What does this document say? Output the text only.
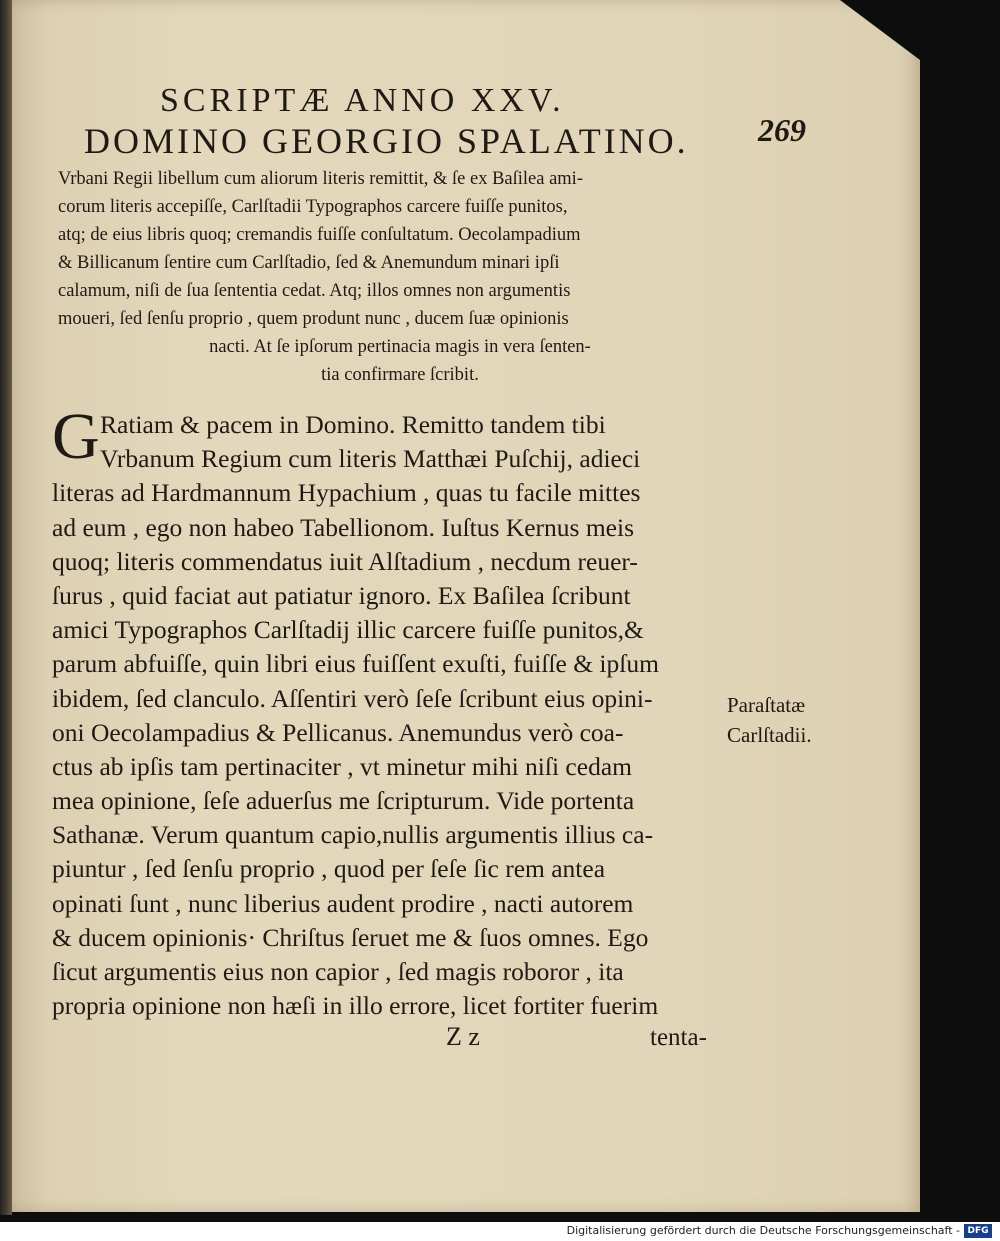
SCRIPTÆ ANNO XXV.
DOMINO GEORGIO SPALATINO.	269
Vrbani Regii libellum cum aliorum literis remittit, & ſe ex Baſilea ami-
corum literis accepiſſe, Carlſtadii Typographos carcere fuiſſe punitos,
atq; de eius libris quoq; cremandis fuiſſe conſultatum. Oecolampadium
& Billicanum ſentire cum Carlſtadio, ſed & Anemundum minari ipſi
calamum, niſi de ſua ſententia cedat. Atq; illos omnes non argumentis
moueri, ſed ſenſu proprio , quem produnt nunc , ducem ſuæ opinionis
nacti. At ſe ipſorum pertinacia magis in vera ſenten-
tia confirmare ſcribit.
G Ratiam & pacem in Domino. Remitto tandem tibi
Vrbanum Regium cum literis Matthæi Puſchij, adieci
literas ad Hardmannum Hypachium , quas tu facile mittes
ad eum , ego non habeo Tabellionom. Iuſtus Kernus meis
quoq; literis commendatus iuit Alſtadium , necdum reuer-
ſurus , quid faciat aut patiatur ignoro. Ex Baſilea ſcribunt
amici Typographos Carlſtadij illic carcere fuiſſe punitos,&
parum abfuiſſe, quin libri eius fuiſſent exuſti, fuiſſe & ipſum
ibidem, ſed clanculo. Aſſentiri verò ſeſe ſcribunt eius opini-
oni Oecolampadius & Pellicanus. Anemundus verò coa-
ctus ab ipſis tam pertinaciter , vt minetur mihi niſi cedam
mea opinione, ſeſe aduerſus me ſcripturum. Vide portenta
Sathanæ. Verum quantum capio,nullis argumentis illius ca-
piuntur , ſed ſenſu proprio , quod per ſeſe ſic rem antea
opinati ſunt , nunc liberius audent prodire , nacti autorem
& ducem opinionis· Chriſtus ſeruet me & ſuos omnes. Ego
ſicut argumentis eius non capior , ſed magis roboror , ita
propria opinione non hæſi in illo errore, licet fortiter fuerim
Paraſtatæ
Carlſtadii.
Z z	tenta-
Digitalisierung gefördert durch die Deutsche Forschungsgemeinschaft - DFG
